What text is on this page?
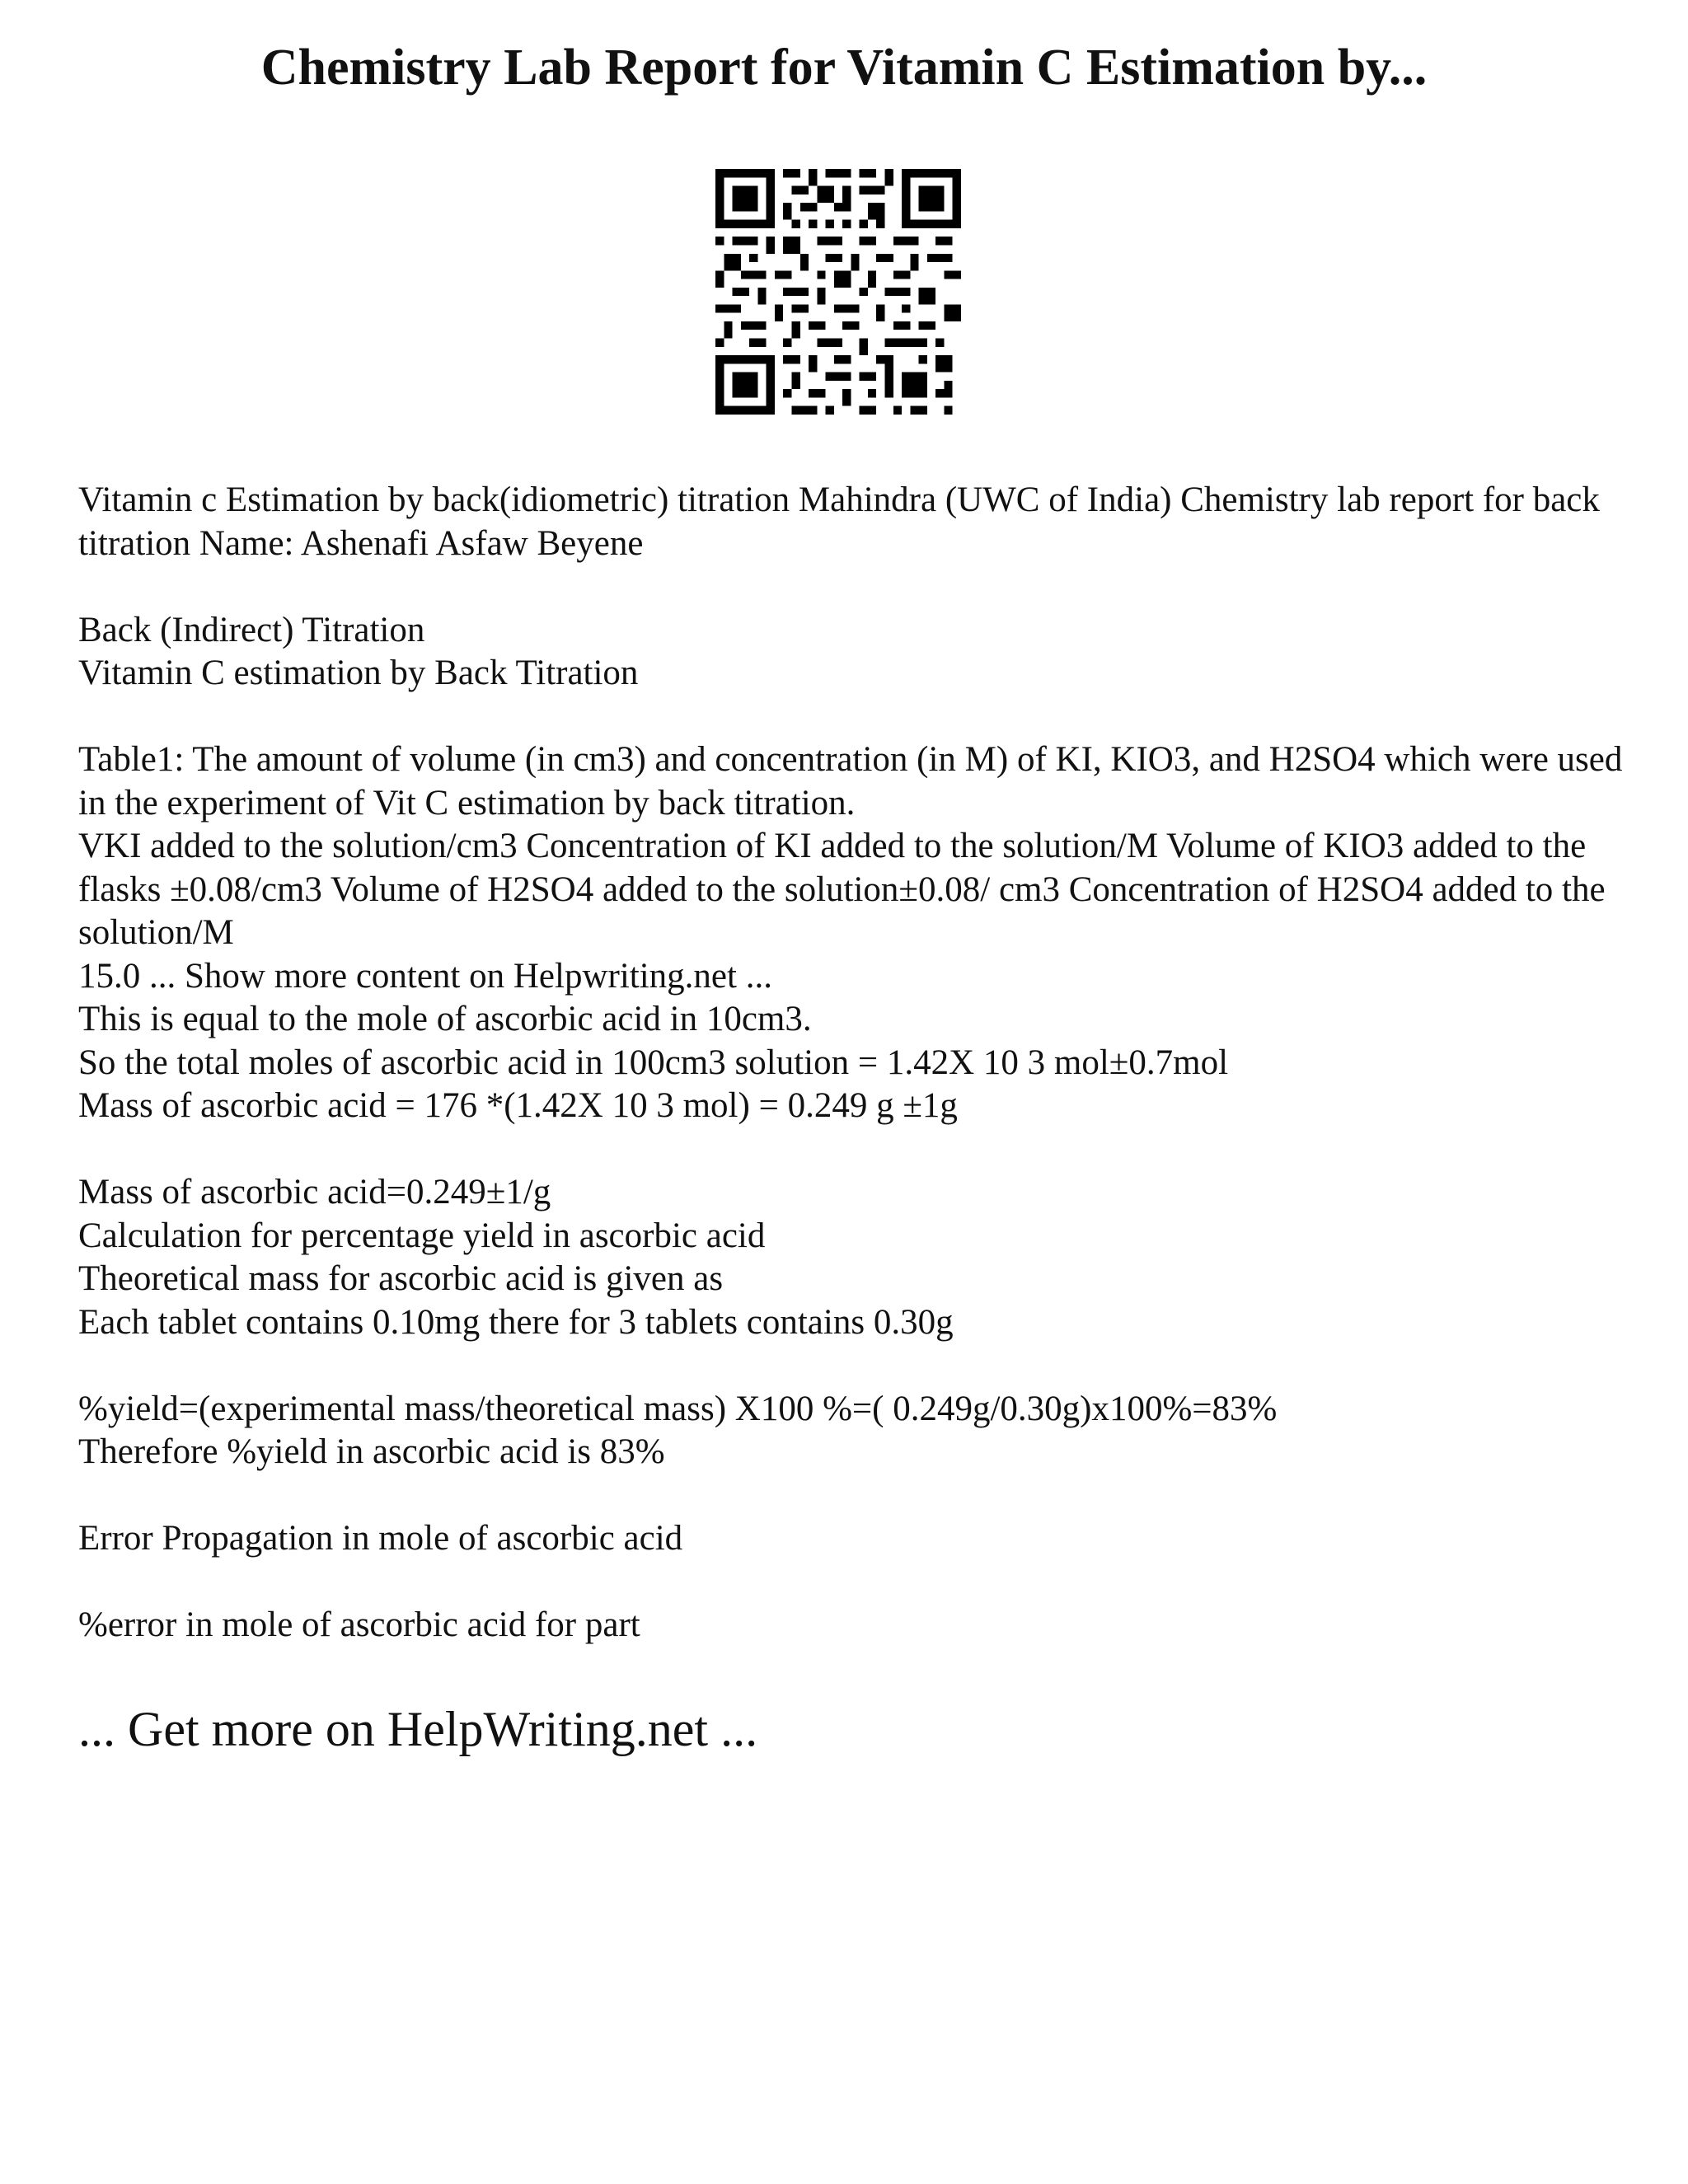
Chemistry Lab Report for Vitamin C Estimation by...

Vitamin c Estimation by back(idiometric) titration Mahindra (UWC of India) Chemistry lab report for back titration Name: Ashenafi Asfaw Beyene

Back (Indirect) Titration

Vitamin C estimation by Back Titration

Table1: The amount of volume (in cm3) and concentration (in M) of KI, KIO3, and H2SO4 which were used in the experiment of Vit C estimation by back titration.

VKI added to the solution/cm3 Concentration of KI added to the solution/M Volume of KIO3 added to the flasks ±0.08/cm3 Volume of H2SO4 added to the solution±0.08/ cm3 Concentration of H2SO4 added to the solution/M

15.0 ... Show more content on Helpwriting.net ...

This is equal to the mole of ascorbic acid in 10cm3.

So the total moles of ascorbic acid in 100cm3 solution = 1.42X 10 3 mol±0.7mol

Mass of ascorbic acid = 176 *(1.42X 10 3 mol) = 0.249 g ±1g

Mass of ascorbic acid=0.249±1/g

Calculation for percentage yield in ascorbic acid

Theoretical mass for ascorbic acid is given as

Each tablet contains 0.10mg there for 3 tablets contains 0.30g

%yield=(experimental mass/theoretical mass) X100 %=( 0.249g/0.30g)x100%=83%

Therefore %yield in ascorbic acid is 83%

Error Propagation in mole of ascorbic acid

%error in mole of ascorbic acid for part

... Get more on HelpWriting.net ...
